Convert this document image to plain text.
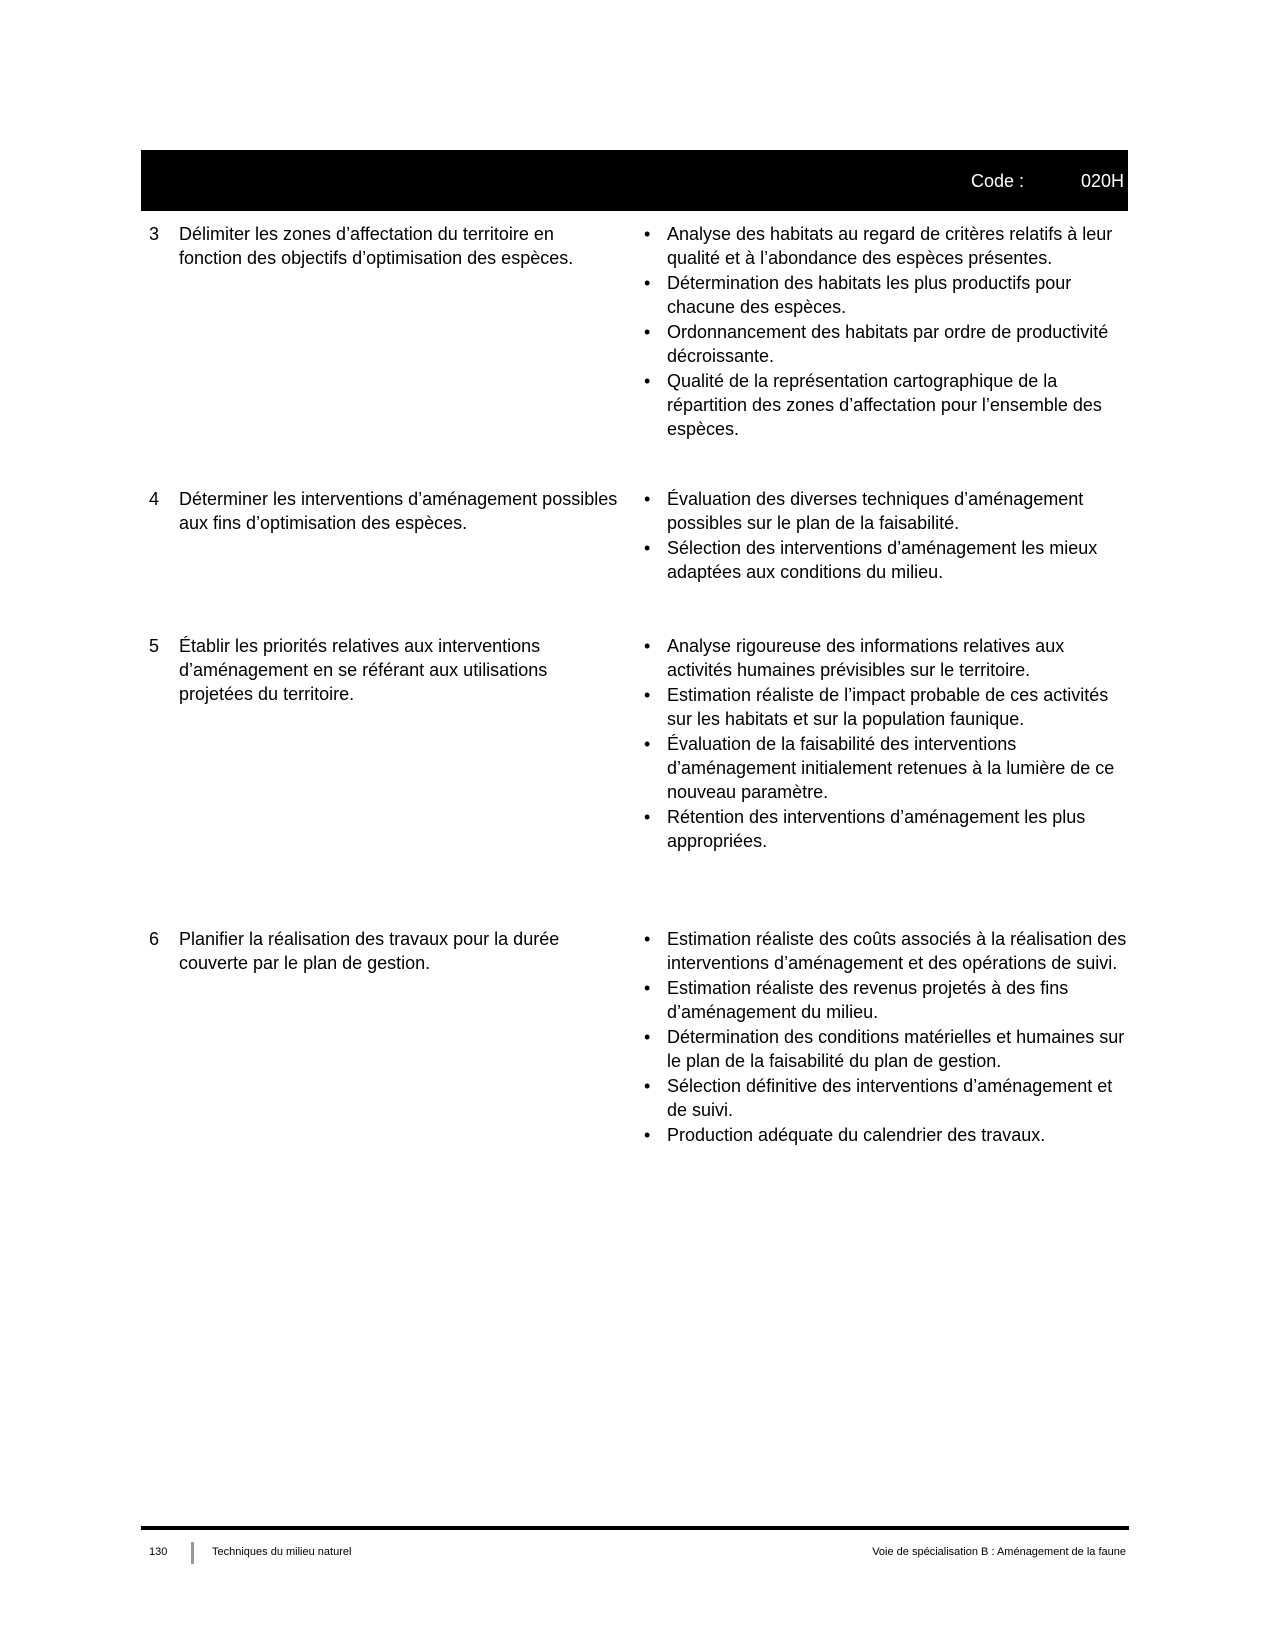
Code :	020H
3	Délimiter les zones d’affectation du territoire en fonction des objectifs d’optimisation des espèces.
• Analyse des habitats au regard de critères relatifs à leur qualité et à l’abondance des espèces présentes.
• Détermination des habitats les plus productifs pour chacune des espèces.
• Ordonnancement des habitats par ordre de productivité décroissante.
• Qualité de la représentation cartographique de la répartition des zones d’affectation pour l’ensemble des espèces.
4	Déterminer les interventions d’aménagement possibles aux fins d’optimisation des espèces.
• Évaluation des diverses techniques d’aménagement possibles sur le plan de la faisabilité.
• Sélection des interventions d’aménagement les mieux adaptées aux conditions du milieu.
5	Établir les priorités relatives aux interventions d’aménagement en se référant aux utilisations projetées du territoire.
• Analyse rigoureuse des informations relatives aux activités humaines prévisibles sur le territoire.
• Estimation réaliste de l’impact probable de ces activités sur les habitats et sur la population faunique.
• Évaluation de la faisabilité des interventions d’aménagement initialement retenues à la lumière de ce nouveau paramètre.
• Rétention des interventions d’aménagement les plus appropriées.
6	Planifier la réalisation des travaux pour la durée couverte par le plan de gestion.
• Estimation réaliste des coûts associés à la réalisation des interventions d’aménagement et des opérations de suivi.
• Estimation réaliste des revenus projetés à des fins d’aménagement du milieu.
• Détermination des conditions matérielles et humaines sur le plan de la faisabilité du plan de gestion.
• Sélection définitive des interventions d’aménagement et de suivi.
• Production adéquate du calendrier des travaux.
130	Techniques du milieu naturel	Voie de spécialisation B : Aménagement de la faune
